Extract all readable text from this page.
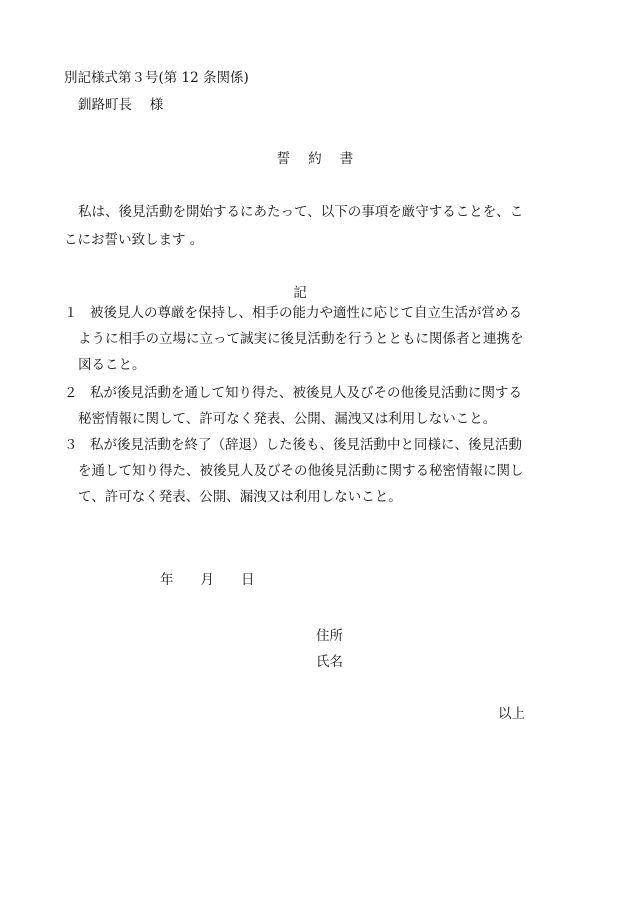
別記様式第３号(第 12 条関係)
釧路町長　 様
誓 約 書
私は、後見活動を開始するにあたって、以下の事項を厳守することを、こ
こにお誓い致します 。
記
１ 被後見人の尊厳を保持し、相手の能力や適性に応じて自立生活が営める
ように相手の立場に立って誠実に後見活動を行うとともに関係者と連携を
図ること。
２ 私が後見活動を通して知り得た、被後見人及びその他後見活動に関する
秘密情報に関して、許可なく発表、公開、漏洩又は利用しないこと。
３ 私が後見活動を終了（辞退）した後も、後見活動中と同様に、後見活動
を通して知り得た、被後見人及びその他後見活動に関する秘密情報に関し
て、許可なく発表、公開、漏洩又は利用しないこと。
年　　月　　日
住所
氏名
以上
